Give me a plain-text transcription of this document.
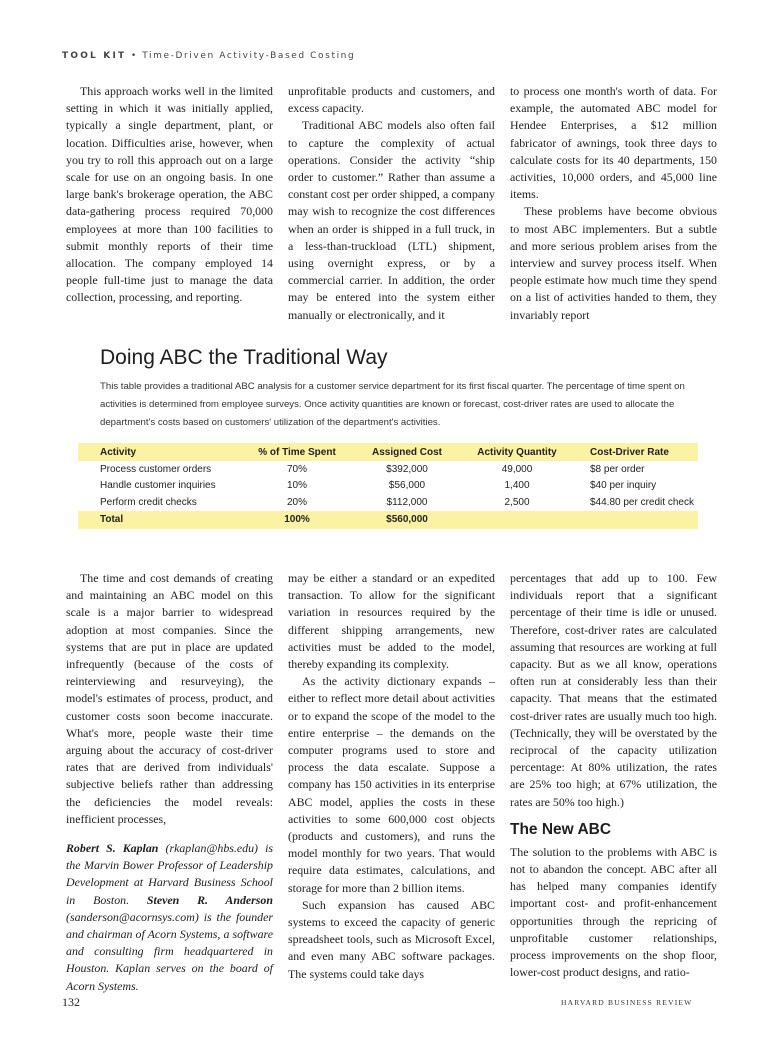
TOOL KIT • Time-Driven Activity-Based Costing

This approach works well in the limited setting in which it was initially applied, typically a single department, plant, or location. Difficulties arise, however, when you try to roll this approach out on a large scale for use on an ongoing basis. In one large bank's brokerage operation, the ABC data-gathering process required 70,000 employees at more than 100 facilities to submit monthly reports of their time allocation. The company employed 14 people full-time just to manage the data collection, processing, and reporting.

unprofitable products and customers, and excess capacity.

Traditional ABC models also often fail to capture the complexity of actual operations. Consider the activity “ship order to customer.” Rather than assume a constant cost per order shipped, a company may wish to recognize the cost differences when an order is shipped in a full truck, in a less-than-truckload (LTL) shipment, using overnight express, or by a commercial carrier. In addition, the order may be entered into the system either manually or electronically, and it

to process one month's worth of data. For example, the automated ABC model for Hendee Enterprises, a $12 million fabricator of awnings, took three days to calculate costs for its 40 departments, 150 activities, 10,000 orders, and 45,000 line items.

These problems have become obvious to most ABC implementers. But a subtle and more serious problem arises from the interview and survey process itself. When people estimate how much time they spend on a list of activities handed to them, they invariably report

Doing ABC the Traditional Way
This table provides a traditional ABC analysis for a customer service department for its first fiscal quarter. The percentage of time spent on activities is determined from employee surveys. Once activity quantities are known or forecast, cost-driver rates are used to allocate the department's costs based on customers' utilization of the department's activities.
Activity	% of Time Spent	Assigned Cost	Activity Quantity	Cost-Driver Rate
Process customer orders	70%	$392,000	49,000	$8 per order
Handle customer inquiries	10%	$56,000	1,400	$40 per inquiry
Perform credit checks	20%	$112,000	2,500	$44.80 per credit check
Total	100%	$560,000		

The time and cost demands of creating and maintaining an ABC model on this scale is a major barrier to widespread adoption at most companies. Since the systems that are put in place are updated infrequently (because of the costs of reinterviewing and resurveying), the model's estimates of process, product, and customer costs soon become inaccurate. What's more, people waste their time arguing about the accuracy of cost-driver rates that are derived from individuals' subjective beliefs rather than addressing the deficiencies the model reveals: inefficient processes,

Robert S. Kaplan (rkaplan@hbs.edu) is the Marvin Bower Professor of Leadership Development at Harvard Business School in Boston. Steven R. Anderson (sanderson@acornsys.com) is the founder and chairman of Acorn Systems, a software and consulting firm headquartered in Houston. Kaplan serves on the board of Acorn Systems.

may be either a standard or an expedited transaction. To allow for the significant variation in resources required by the different shipping arrangements, new activities must be added to the model, thereby expanding its complexity.

As the activity dictionary expands – either to reflect more detail about activities or to expand the scope of the model to the entire enterprise – the demands on the computer programs used to store and process the data escalate. Suppose a company has 150 activities in its enterprise ABC model, applies the costs in these activities to some 600,000 cost objects (products and customers), and runs the model monthly for two years. That would require data estimates, calculations, and storage for more than 2 billion items.

Such expansion has caused ABC systems to exceed the capacity of generic spreadsheet tools, such as Microsoft Excel, and even many ABC software packages. The systems could take days

percentages that add up to 100. Few individuals report that a significant percentage of their time is idle or unused. Therefore, cost-driver rates are calculated assuming that resources are working at full capacity. But as we all know, operations often run at considerably less than their capacity. That means that the estimated cost-driver rates are usually much too high. (Technically, they will be overstated by the reciprocal of the capacity utilization percentage: At 80% utilization, the rates are 25% too high; at 67% utilization, the rates are 50% too high.)

The New ABC

The solution to the problems with ABC is not to abandon the concept. ABC after all has helped many companies identify important cost- and profit-enhancement opportunities through the repricing of unprofitable customer relationships, process improvements on the shop floor, lower-cost product designs, and ratio-

132	HARVARD BUSINESS REVIEW
